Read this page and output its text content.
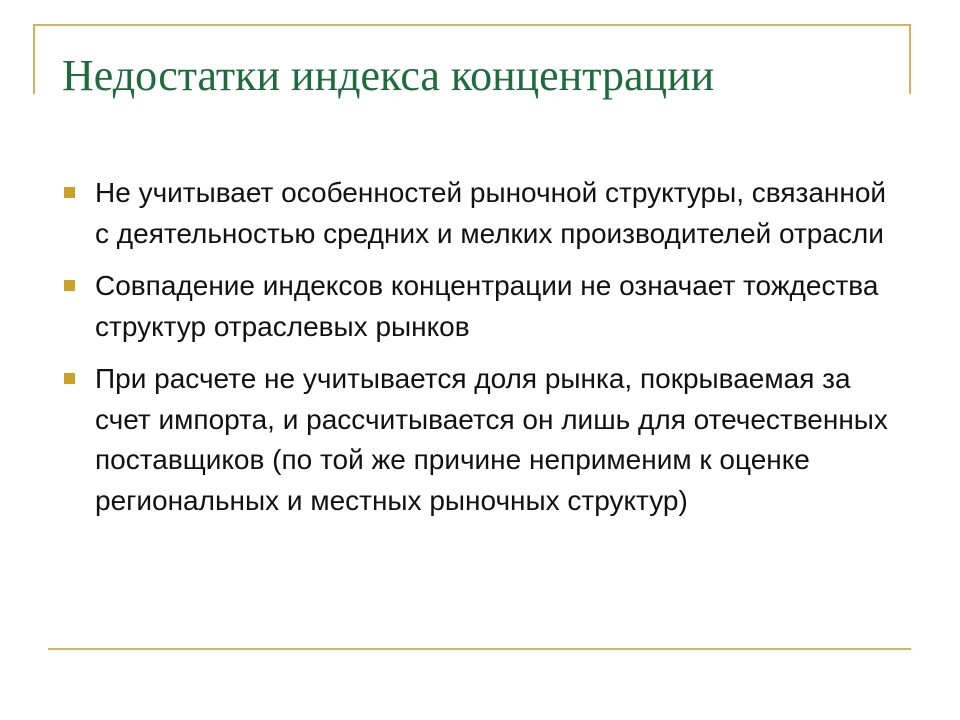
Недостатки индекса концентрации
Не учитывает особенностей рыночной структуры, связанной с деятельностью средних и мелких производителей отрасли
Совпадение индексов концентрации не означает тождества структур отраслевых рынков
При расчете не учитывается доля рынка, покрываемая за счет импорта, и рассчитывается он лишь для отечественных поставщиков (по той же причине неприменим к оценке региональных и местных рыночных структур)
